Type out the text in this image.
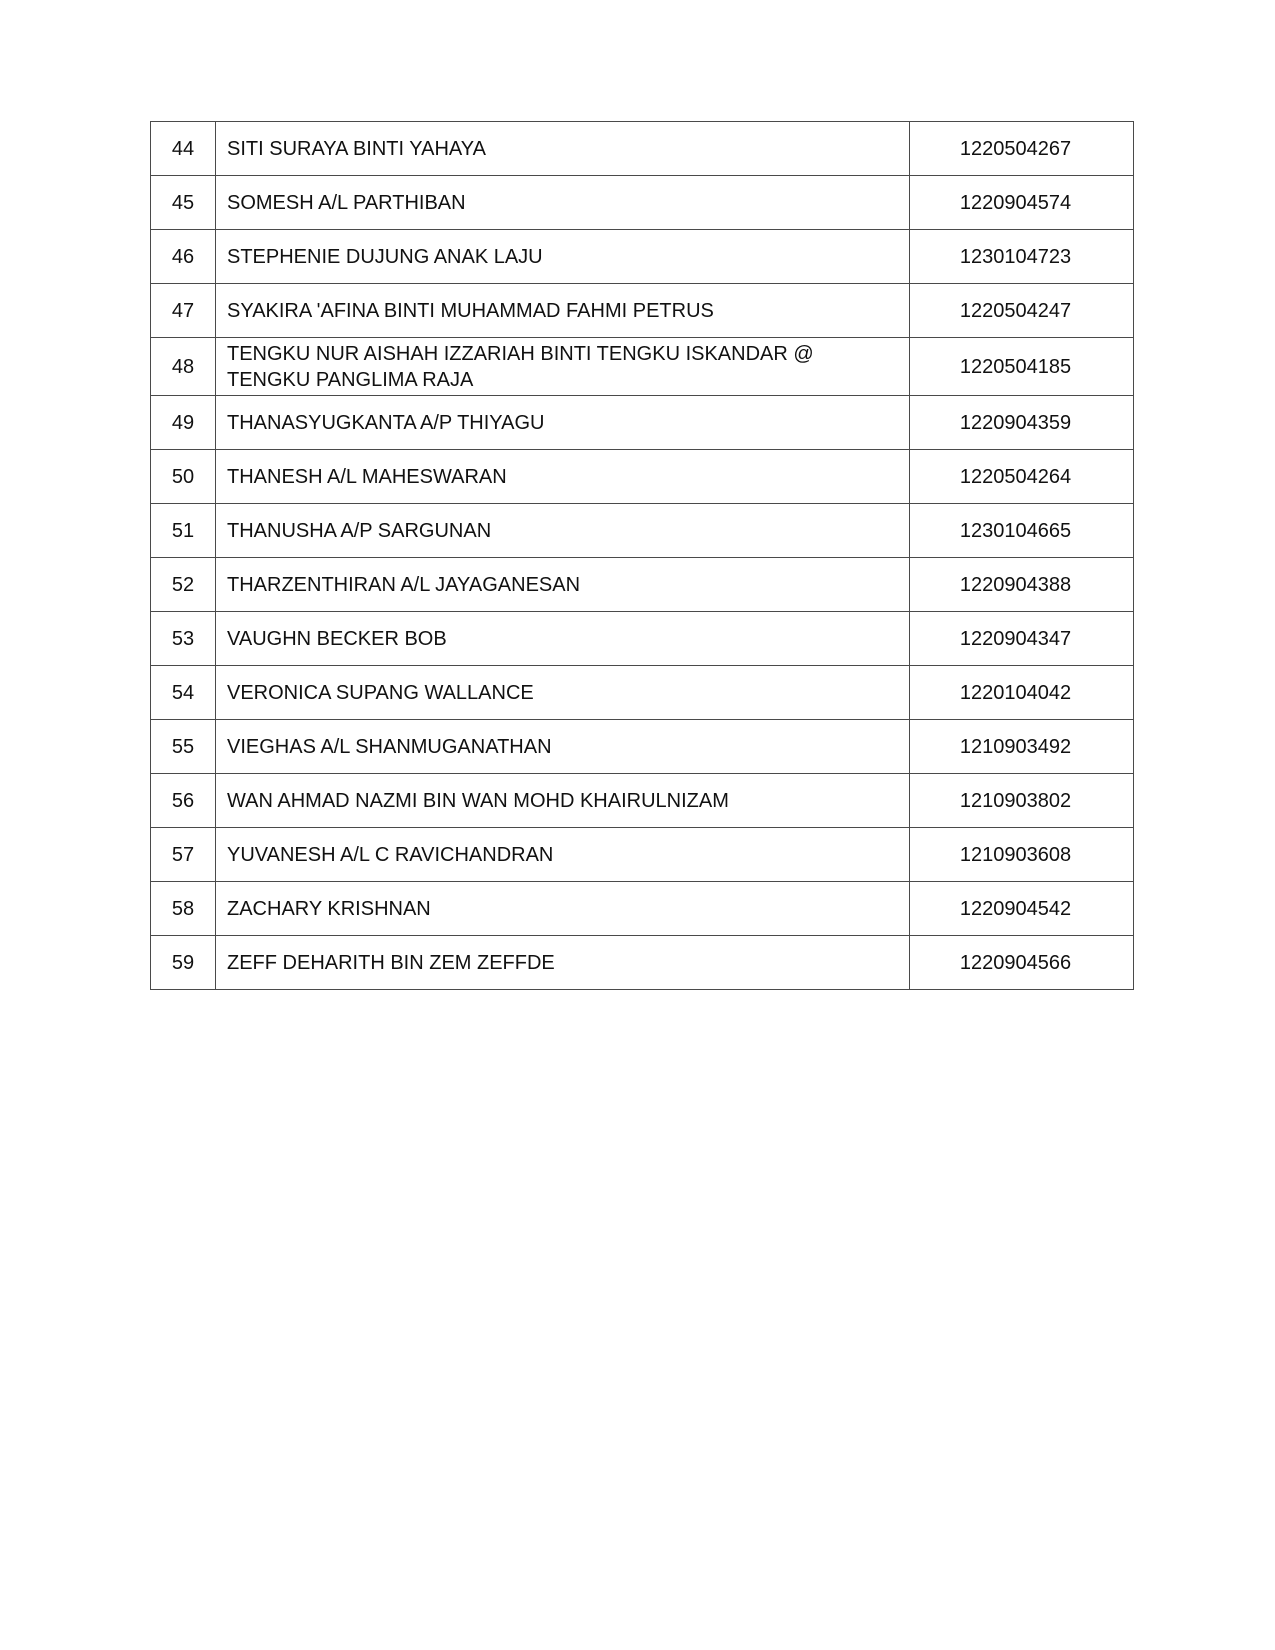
44	SITI SURAYA BINTI YAHAYA	1220504267
45	SOMESH A/L PARTHIBAN	1220904574
46	STEPHENIE DUJUNG ANAK LAJU	1230104723
47	SYAKIRA 'AFINA BINTI MUHAMMAD FAHMI PETRUS	1220504247
48	TENGKU NUR AISHAH IZZARIAH BINTI TENGKU ISKANDAR @ TENGKU PANGLIMA RAJA	1220504185
49	THANASYUGKANTA A/P THIYAGU	1220904359
50	THANESH A/L MAHESWARAN	1220504264
51	THANUSHA A/P SARGUNAN	1230104665
52	THARZENTHIRAN A/L JAYAGANESAN	1220904388
53	VAUGHN BECKER BOB	1220904347
54	VERONICA SUPANG WALLANCE	1220104042
55	VIEGHAS A/L SHANMUGANATHAN	1210903492
56	WAN AHMAD NAZMI BIN WAN MOHD KHAIRULNIZAM	1210903802
57	YUVANESH A/L C RAVICHANDRAN	1210903608
58	ZACHARY KRISHNAN	1220904542
59	ZEFF DEHARITH BIN ZEM ZEFFDE	1220904566
